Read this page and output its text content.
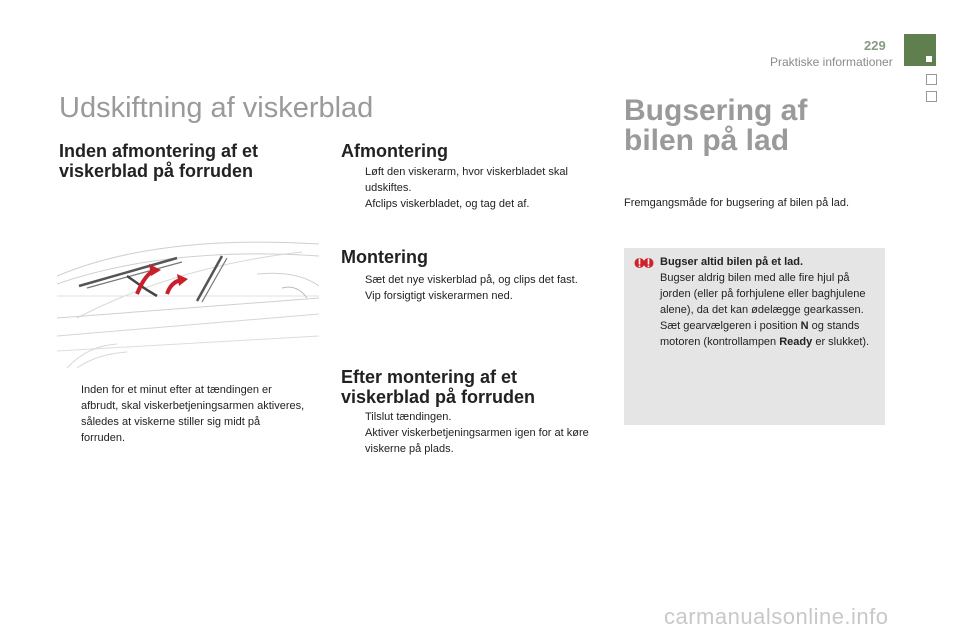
229
Praktiske informationer
Udskiftning af viskerblad	Bugsering af bilen på lad
Inden afmontering af et viskerblad på forruden
Inden for et minut efter at tændingen er afbrudt, skal viskerbetjeningsarmen aktiveres, således at viskerne stiller sig midt på forruden.
Afmontering
Løft den viskerarm, hvor viskerbladet skal udskiftes.
Afclips viskerbladet, og tag det af.
Montering
Sæt det nye viskerblad på, og clips det fast.
Vip forsigtigt viskerarmen ned.
Efter montering af et viskerblad på forruden
Tilslut tændingen.
Aktiver viskerbetjeningsarmen igen for at køre viskerne på plads.

Fremgangsmåde for bugsering af bilen på lad.

Bugser altid bilen på et lad.

Bugser aldrig bilen med alle fire hjul på jorden (eller på forhjulene eller baghjulene alene), da det kan ødelægge gearkassen.

Sæt gearvælgeren i position N og stands motoren (kontrollampen Ready er slukket).

carmanualsonline.info
